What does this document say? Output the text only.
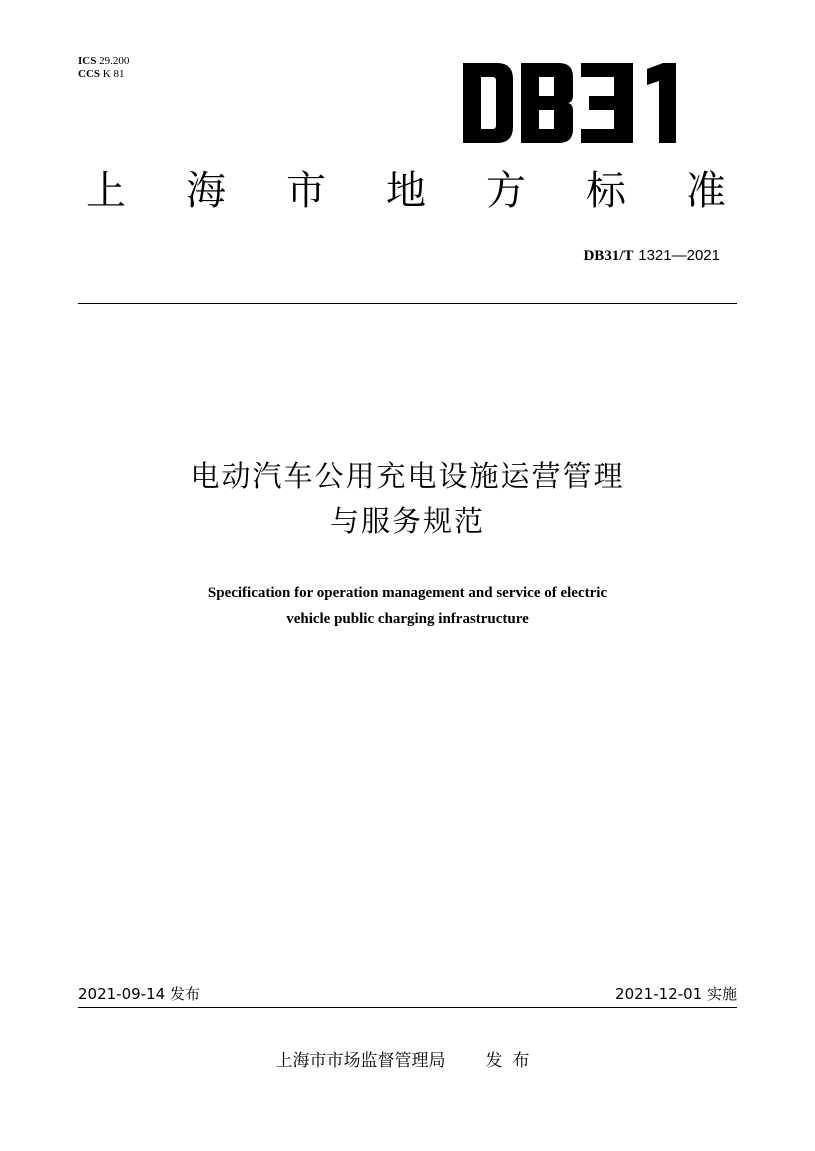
ICS 29.200
CCS K 81
上 海 市 地 方 标 准
DB31/T 1321—2021
电动汽车公用充电设施运营管理
与服务规范
Specification for operation management and service of electric
vehicle public charging infrastructure
2021-09-14 发布	2021-12-01 实施
上海市市场监督管理局 发布
